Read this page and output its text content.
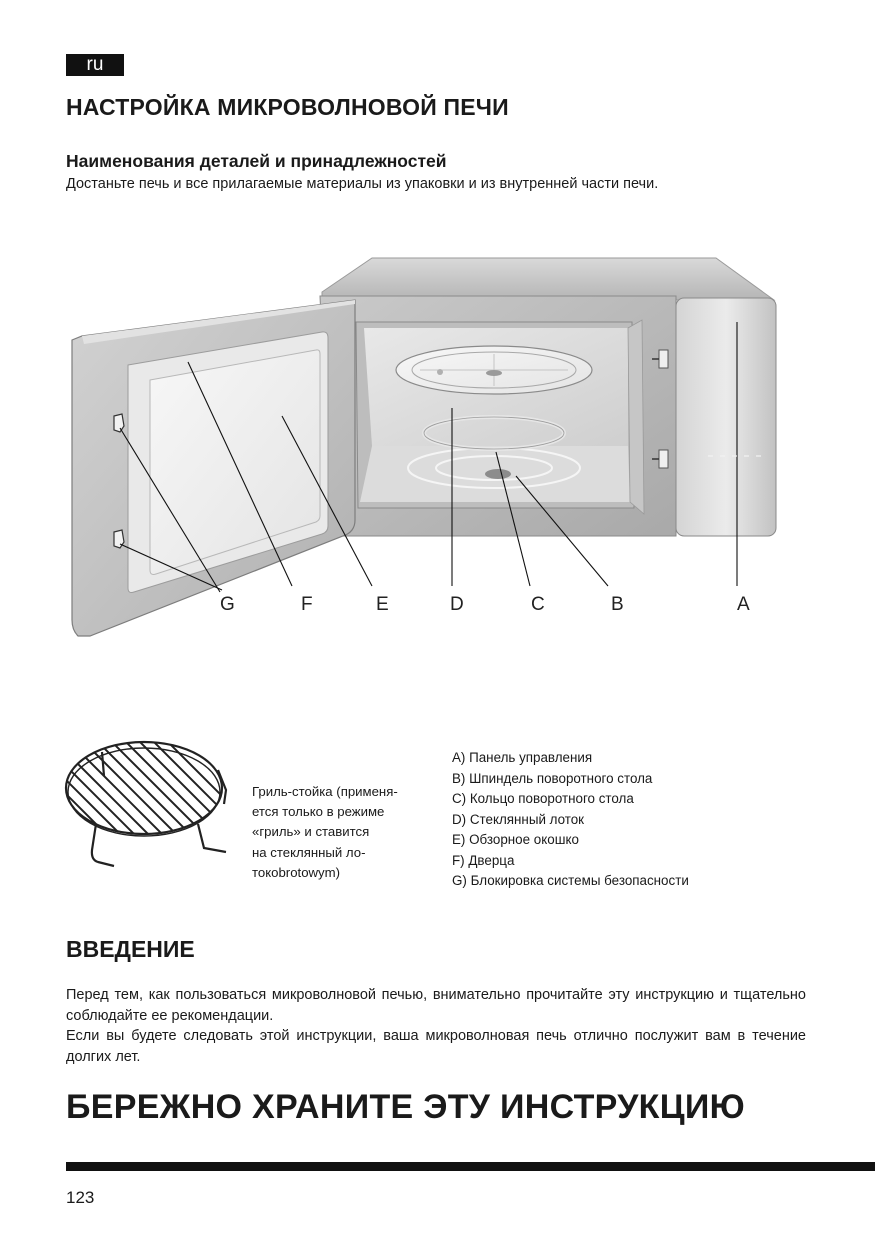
ru
НАСТРОЙКА МИКРОВОЛНОВОЙ ПЕЧИ
Наименования деталей и принадлежностей

Достаньте печь и все прилагаемые материалы из упаковки и из внутренней части печи.

G	F	E	D	C	B	A
Гриль-стойка (применя-
ется только в режиме
«гриль» и ставится
на стеклянный ло-
токоbrotowym)
A) Панель управления
B) Шпиндель поворотного стола
C) Кольцо поворотного стола
D) Стеклянный лоток
E) Обзорное окошко
F) Дверца
G) Блокировка системы безопасности
ВВЕДЕНИЕ

Перед тем, как пользоваться микроволновой печью, внимательно прочитайте эту инструкцию и тщательно соблюдайте ее рекомендации.
Если вы будете следовать этой инструкции, ваша микроволновая печь отлично послужит вам в течение долгих лет.

БЕРЕЖНО ХРАНИТЕ ЭТУ ИНСТРУКЦИЮ
123
